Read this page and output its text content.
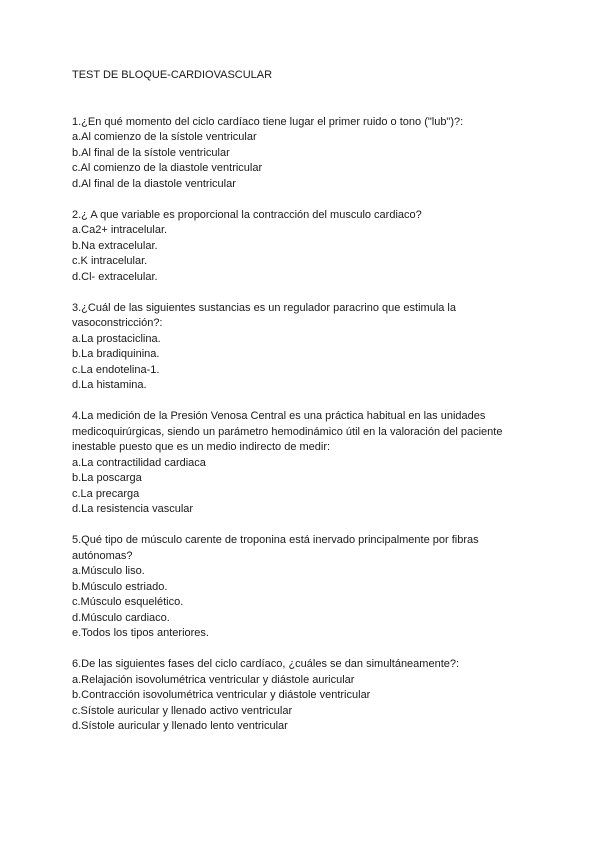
TEST DE BLOQUE-CARDIOVASCULAR
1.¿En qué momento del ciclo cardíaco tiene lugar el primer ruido o tono ("lub")?:
a.Al comienzo de la sístole ventricular
b.Al final de la sístole ventricular
c.Al comienzo de la diastole ventricular
d.Al final de la diastole ventricular
2.¿ A que variable es proporcional la contracción del musculo cardiaco?
a.Ca2+ intracelular.
b.Na extracelular.
c.K intracelular.
d.Cl- extracelular.
3.¿Cuál de las siguientes sustancias es un regulador paracrino que estimula la vasoconstricción?:
a.La prostaciclina.
b.La bradiquinina.
c.La endotelina-1.
d.La histamina.
4.La medición de la Presión Venosa Central es una práctica habitual en las unidades medicoquirúrgicas, siendo un parámetro hemodinámico útil en la valoración del paciente inestable puesto que es un medio indirecto de medir:
a.La contractilidad cardiaca
b.La poscarga
c.La precarga
d.La resistencia vascular
5.Qué tipo de músculo carente de troponina está inervado principalmente por fibras autónomas?
a.Músculo liso.
b.Músculo estriado.
c.Músculo esquelético.
d.Músculo cardiaco.
e.Todos los tipos anteriores.
6.De las siguientes fases del ciclo cardíaco, ¿cuáles se dan simultáneamente?:
a.Relajación isovolumétrica ventricular y diástole auricular
b.Contracción isovolumétrica ventricular y diástole ventricular
c.Sístole auricular y llenado activo ventricular
d.Sístole auricular y llenado lento ventricular
